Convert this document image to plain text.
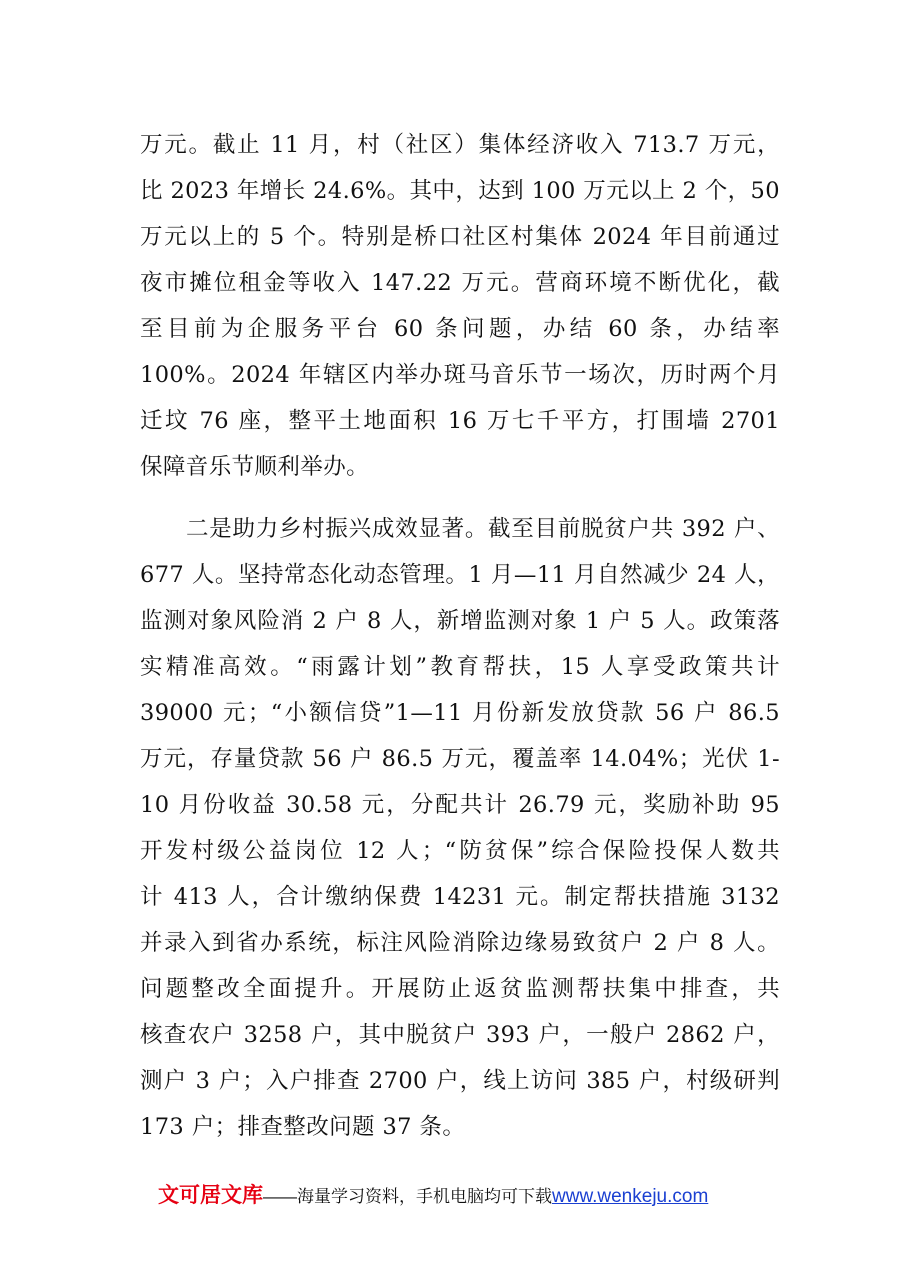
万元。截止 11 月，村（社区）集体经济收入 713.7 万元，
比 2023 年增长 24.6%。其中，达到 100 万元以上 2 个，50
万元以上的 5 个。特别是桥口社区村集体 2024 年目前通过
夜市摊位租金等收入 147.22 万元。营商环境不断优化，截
至目前为企服务平台 60 条问题，办结 60 条，办结率
100%。2024 年辖区内举办斑马音乐节一场次，历时两个月
迁坟 76 座，整平土地面积 16 万七千平方，打围墙 2701
保障音乐节顺利举办。
二是助力乡村振兴成效显著。截至目前脱贫户共 392 户、
677 人。坚持常态化动态管理。1 月—11 月自然减少 24 人，
监测对象风险消 2 户 8 人，新增监测对象 1 户 5 人。政策落
实精准高效。“雨露计划”教育帮扶，15 人享受政策共计
39000 元；“小额信贷”1—11 月份新发放贷款 56 户 86.5
万元，存量贷款 56 户 86.5 万元，覆盖率 14.04%；光伏 1-
10 月份收益 30.58 元，分配共计 26.79 元，奖励补助 95
开发村级公益岗位 12 人；“防贫保”综合保险投保人数共
计 413 人，合计缴纳保费 14231 元。制定帮扶措施 3132
并录入到省办系统，标注风险消除边缘易致贫户 2 户 8 人。
问题整改全面提升。开展防止返贫监测帮扶集中排查，共
核查农户 3258 户，其中脱贫户 393 户，一般户 2862 户，
测户 3 户；入户排查 2700 户，线上访问 385 户，村级研判
173 户；排查整改问题 37 条。
文可居文库——海量学习资料，手机电脑均可下载www.wenkeju.com
